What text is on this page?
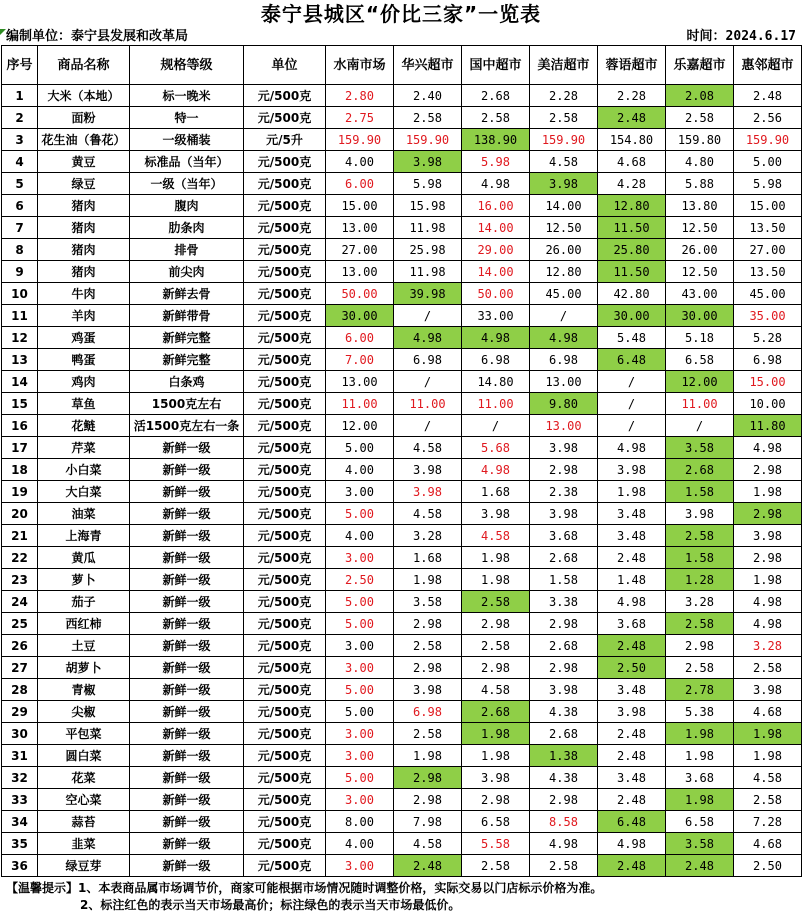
泰宁县城区“价比三家”一览表
编制单位：泰宁县发展和改革局	时间：2024.6.17
序号	商品名称	规格等级	单位	水南市场	华兴超市	国中超市	美洁超市	蓉语超市	乐嘉超市	惠邻超市
1	大米（本地）	标一晚米	元/500克	2.80	2.40	2.68	2.28	2.28	2.08	2.48
2	面粉	特一	元/500克	2.75	2.58	2.58	2.58	2.48	2.58	2.56
3	花生油（鲁花）	一级桶装	元/5升	159.90	159.90	138.90	159.90	154.80	159.80	159.90
4	黄豆	标准品（当年）	元/500克	4.00	3.98	5.98	4.58	4.68	4.80	5.00
5	绿豆	一级（当年）	元/500克	6.00	5.98	4.98	3.98	4.28	5.88	5.98
6	猪肉	腹肉	元/500克	15.00	15.98	16.00	14.00	12.80	13.80	15.00
7	猪肉	肋条肉	元/500克	13.00	11.98	14.00	12.50	11.50	12.50	13.50
8	猪肉	排骨	元/500克	27.00	25.98	29.00	26.00	25.80	26.00	27.00
9	猪肉	前尖肉	元/500克	13.00	11.98	14.00	12.80	11.50	12.50	13.50
10	牛肉	新鲜去骨	元/500克	50.00	39.98	50.00	45.00	42.80	43.00	45.00
11	羊肉	新鲜带骨	元/500克	30.00	/	33.00	/	30.00	30.00	35.00
12	鸡蛋	新鲜完整	元/500克	6.00	4.98	4.98	4.98	5.48	5.18	5.28
13	鸭蛋	新鲜完整	元/500克	7.00	6.98	6.98	6.98	6.48	6.58	6.98
14	鸡肉	白条鸡	元/500克	13.00	/	14.80	13.00	/	12.00	15.00
15	草鱼	1500克左右	元/500克	11.00	11.00	11.00	9.80	/	11.00	10.00
16	花鲢	活1500克左右一条	元/500克	12.00	/	/	13.00	/	/	11.80
17	芹菜	新鲜一级	元/500克	5.00	4.58	5.68	3.98	4.98	3.58	4.98
18	小白菜	新鲜一级	元/500克	4.00	3.98	4.98	2.98	3.98	2.68	2.98
19	大白菜	新鲜一级	元/500克	3.00	3.98	1.68	2.38	1.98	1.58	1.98
20	油菜	新鲜一级	元/500克	5.00	4.58	3.98	3.98	3.48	3.98	2.98
21	上海青	新鲜一级	元/500克	4.00	3.28	4.58	3.68	3.48	2.58	3.98
22	黄瓜	新鲜一级	元/500克	3.00	1.68	1.98	2.68	2.48	1.58	2.98
23	萝卜	新鲜一级	元/500克	2.50	1.98	1.98	1.58	1.48	1.28	1.98
24	茄子	新鲜一级	元/500克	5.00	3.58	2.58	3.38	4.98	3.28	4.98
25	西红柿	新鲜一级	元/500克	5.00	2.98	2.98	2.98	3.68	2.58	4.98
26	土豆	新鲜一级	元/500克	3.00	2.58	2.58	2.68	2.48	2.98	3.28
27	胡萝卜	新鲜一级	元/500克	3.00	2.98	2.98	2.98	2.50	2.58	2.58
28	青椒	新鲜一级	元/500克	5.00	3.98	4.58	3.98	3.48	2.78	3.98
29	尖椒	新鲜一级	元/500克	5.00	6.98	2.68	4.38	3.98	5.38	4.68
30	平包菜	新鲜一级	元/500克	3.00	2.58	1.98	2.68	2.48	1.98	1.98
31	圆白菜	新鲜一级	元/500克	3.00	1.98	1.98	1.38	2.48	1.98	1.98
32	花菜	新鲜一级	元/500克	5.00	2.98	3.98	4.38	3.48	3.68	4.58
33	空心菜	新鲜一级	元/500克	3.00	2.98	2.98	2.98	2.48	1.98	2.58
34	蒜苔	新鲜一级	元/500克	8.00	7.98	6.58	8.58	6.48	6.58	7.28
35	韭菜	新鲜一级	元/500克	4.00	4.58	5.58	4.98	4.98	3.58	4.68
36	绿豆芽	新鲜一级	元/500克	3.00	2.48	2.58	2.58	2.48	2.48	2.50
【温馨提示】1、本表商品属市场调节价，商家可能根据市场情况随时调整价格，实际交易以门店标示价格为准。
2、标注红色的表示当天市场最高价；标注绿色的表示当天市场最低价。
